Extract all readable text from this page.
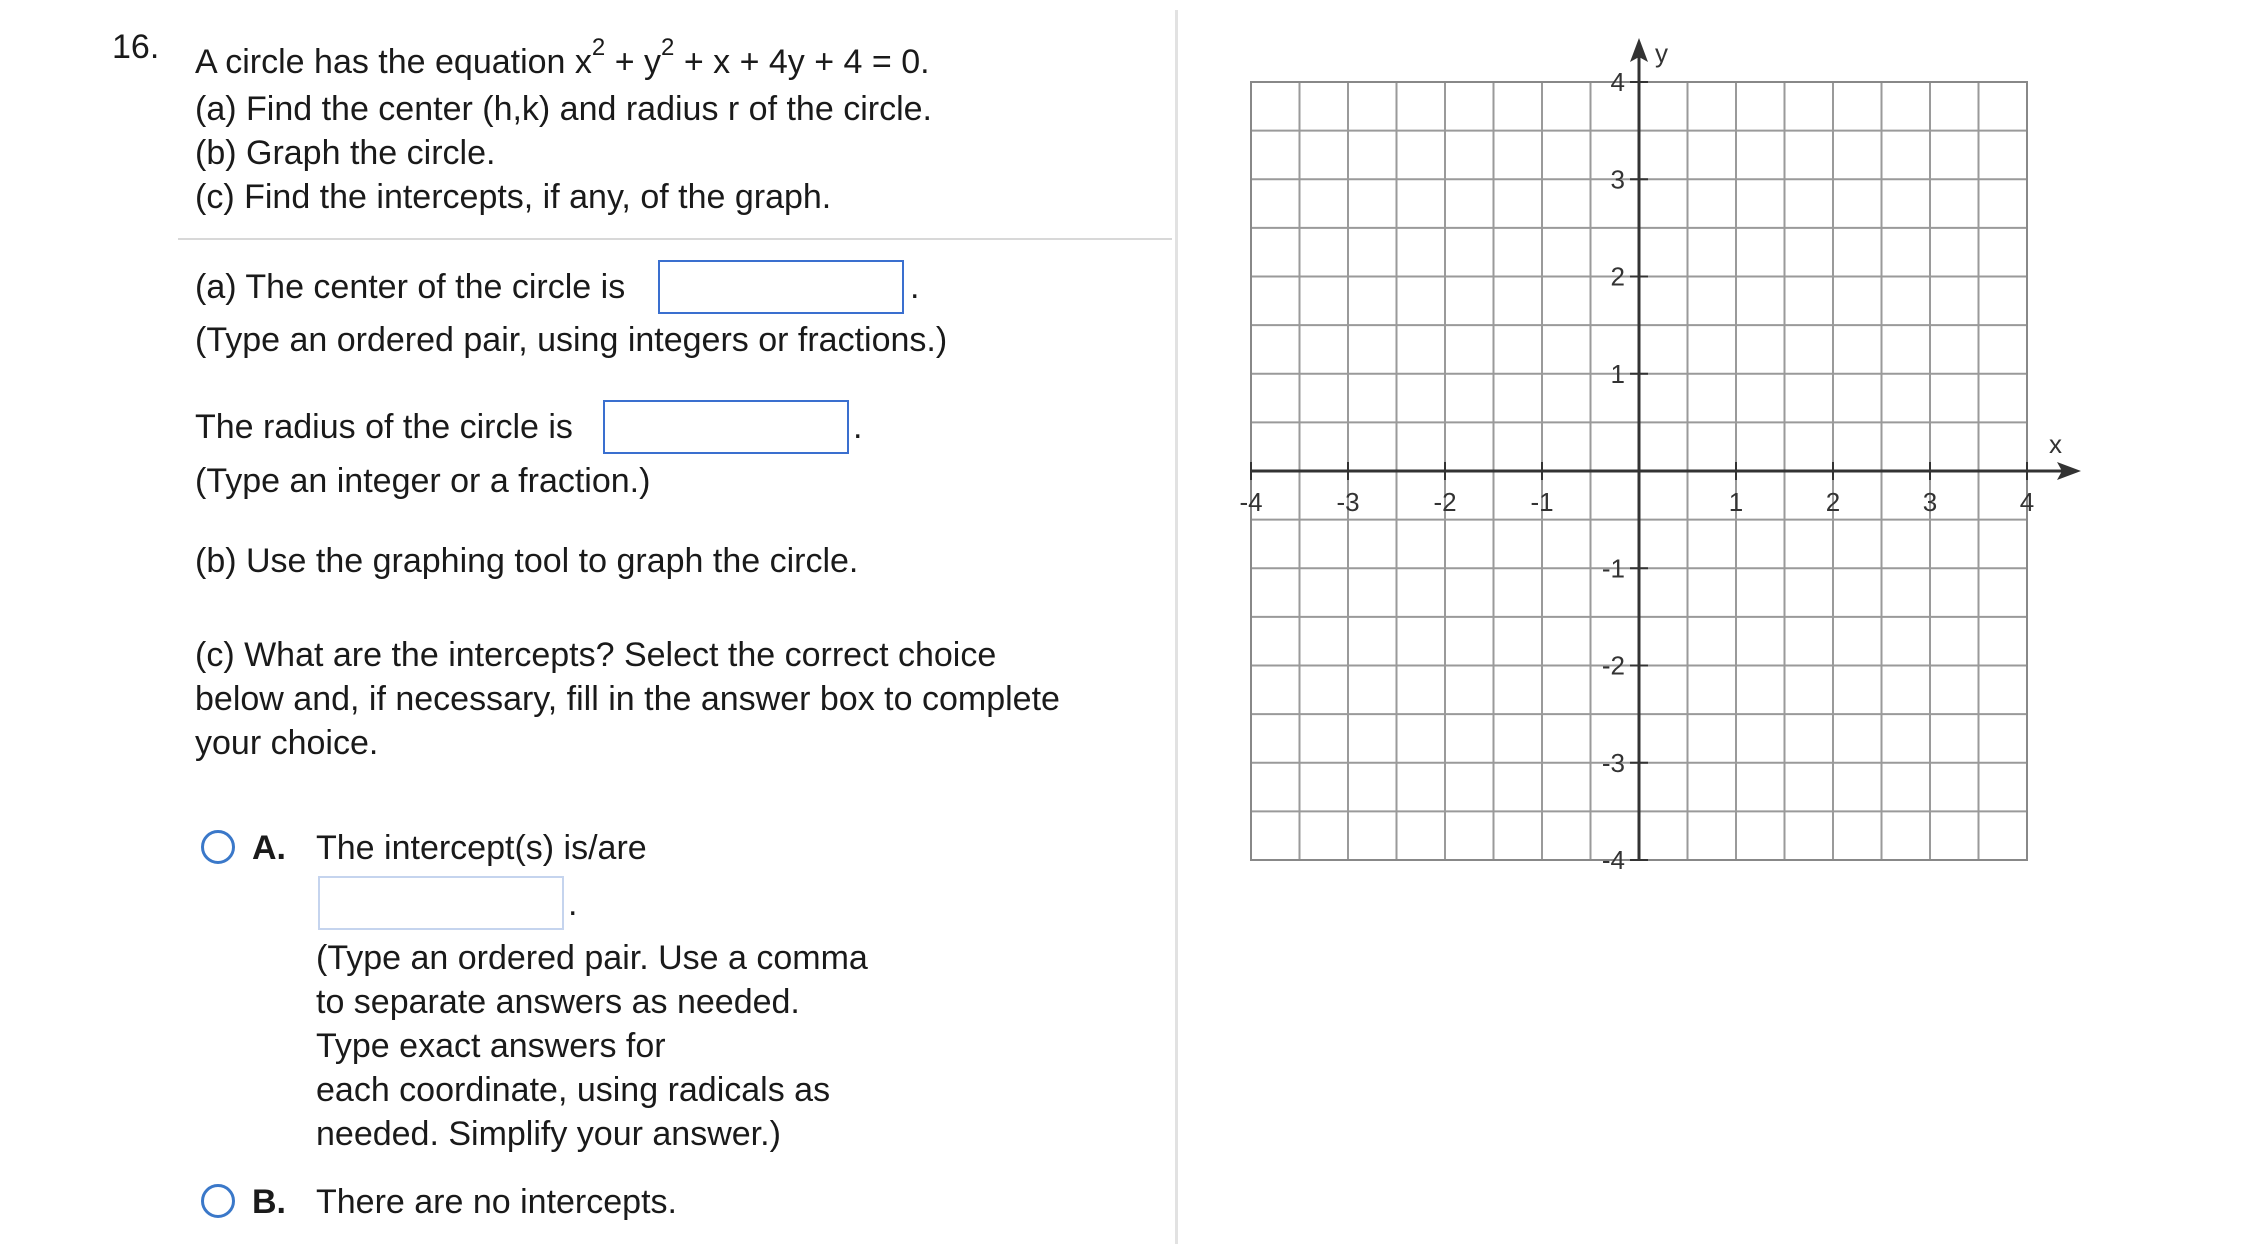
16. A circle has the equation $x^2 + y^2 + x + 4y + 4 = 0$.
(a) Find the center (h,k) and radius r of the circle.
(b) Graph the circle.
(c) Find the intercepts, if any, of the graph.
(a) The center of the circle is	.
(Type an ordered pair, using integers or fractions.)
The radius of the circle is	.
(Type an integer or a fraction.)
(b) Use the graphing tool to graph the circle.
(c) What are the intercepts? Select the correct choice
below and, if necessary, fill in the answer box to complete
your choice.
A. The intercept(s) is/are
.
(Type an ordered pair. Use a comma
to separate answers as needed.
Type exact answers for
each coordinate, using radicals as
needed. Simplify your answer.)
B. There are no intercepts.
-4	-3	-2	-1	1	2	3	4
4
3
2
1
-1
-2
-3
-4
x
y
